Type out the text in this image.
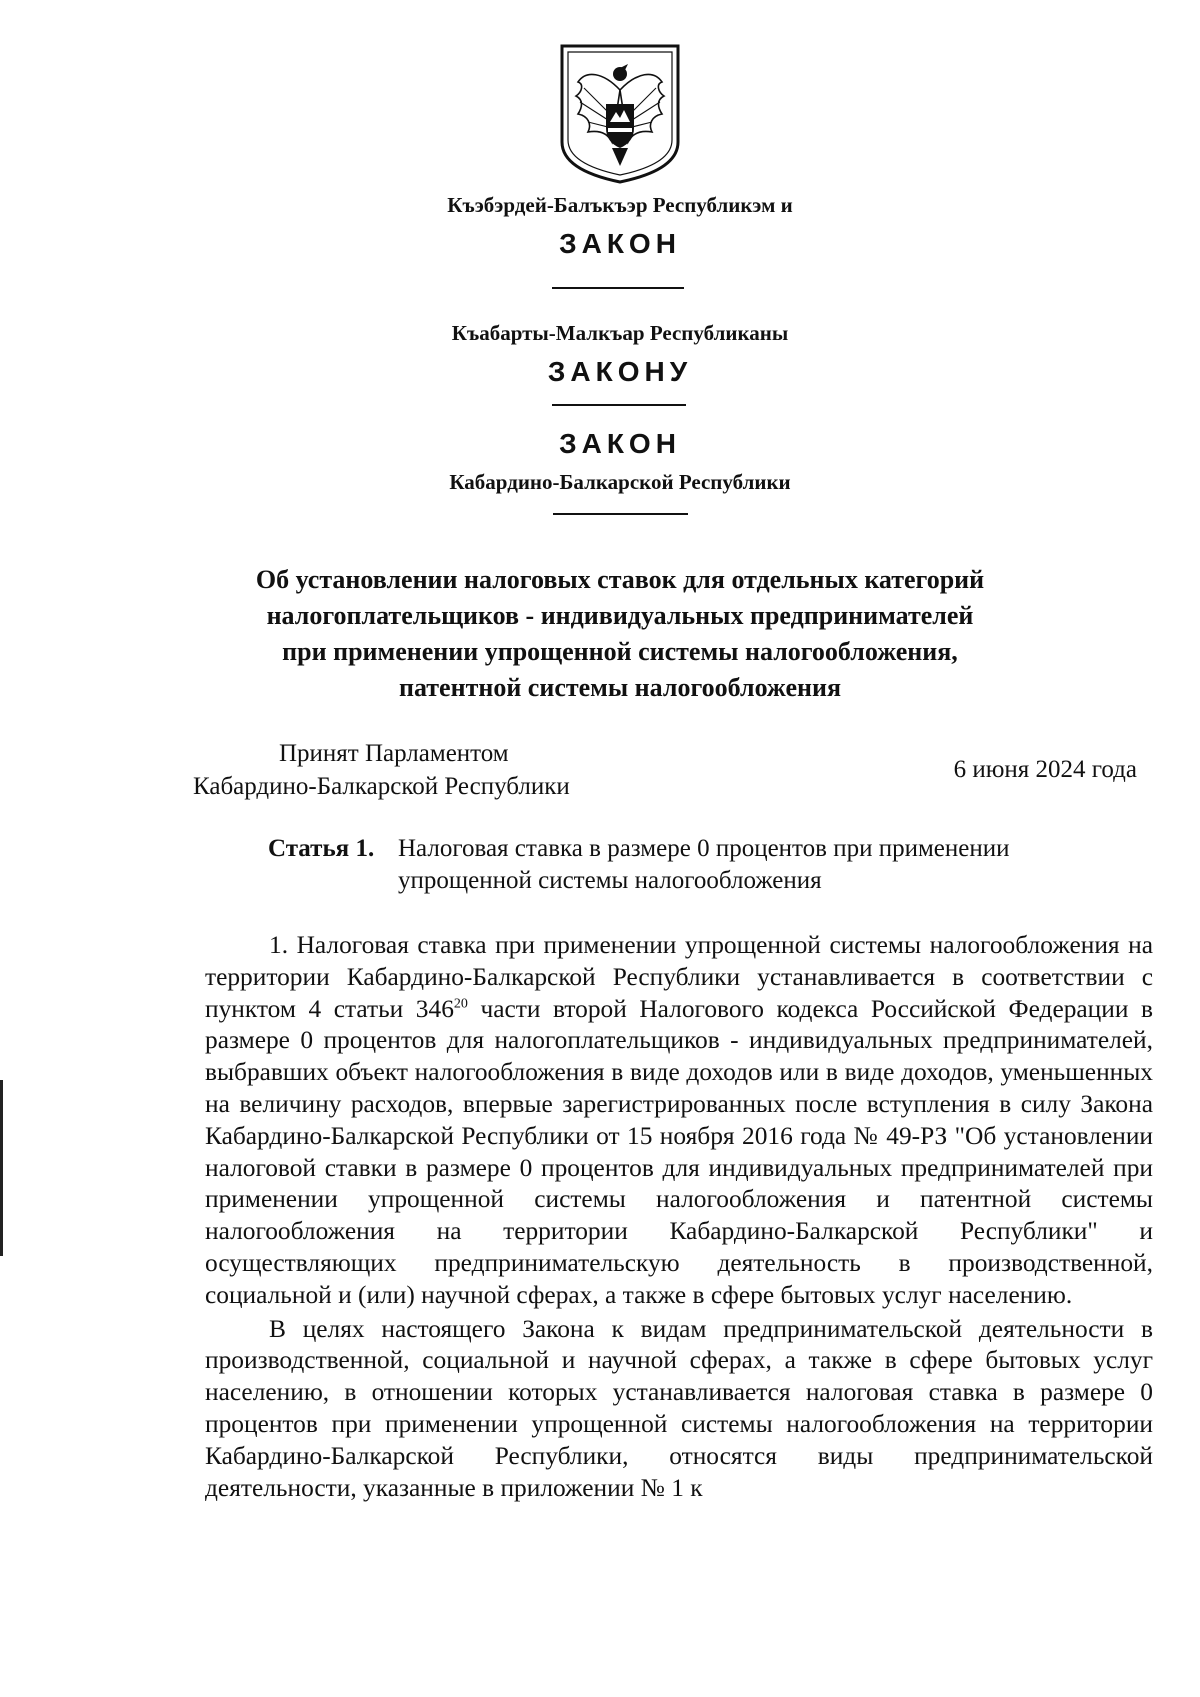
Къэбэрдей-Балъкъэр Республикэм и
ЗАКОН
Къабарты-Малкъар Республиканы
ЗАКОНУ
ЗАКОН
Кабардино-Балкарской Республики
Об установлении налоговых ставок для отдельных категорий
налогоплательщиков - индивидуальных предпринимателей
при применении упрощенной системы налогообложения,
патентной системы налогообложения
Принят Парламентом
Кабардино-Балкарской Республики
6 июня 2024 года
Статья 1. Налоговая ставка в размере 0 процентов при применении
упрощенной системы налогообложения

1. Налоговая ставка при применении упрощенной системы налогообложения на территории Кабардино-Балкарской Республики устанавливается в соответствии с пунктом 4 статьи $346^{20}$ части второй Налогового кодекса Российской Федерации в размере 0 процентов для налогоплательщиков - индивидуальных предпринимателей, выбравших объект налогообложения в виде доходов или в виде доходов, уменьшенных на величину расходов, впервые зарегистрированных после вступления в силу Закона Кабардино-Балкарской Республики от 15 ноября 2016 года № 49-РЗ "Об установлении налоговой ставки в размере 0 процентов для индивидуальных предпринимателей при применении упрощенной системы налогообложения и патентной системы налогообложения на территории Кабардино-Балкарской Республики" и осуществляющих предпринимательскую деятельность в производственной, социальной и (или) научной сферах, а также в сфере бытовых услуг населению.

В целях настоящего Закона к видам предпринимательской деятельности в производственной, социальной и научной сферах, а также в сфере бытовых услуг населению, в отношении которых устанавливается налоговая ставка в размере 0 процентов при применении упрощенной системы налогообложения на территории Кабардино-Балкарской Республики, относятся виды предпринимательской деятельности, указанные в приложении № 1 к
